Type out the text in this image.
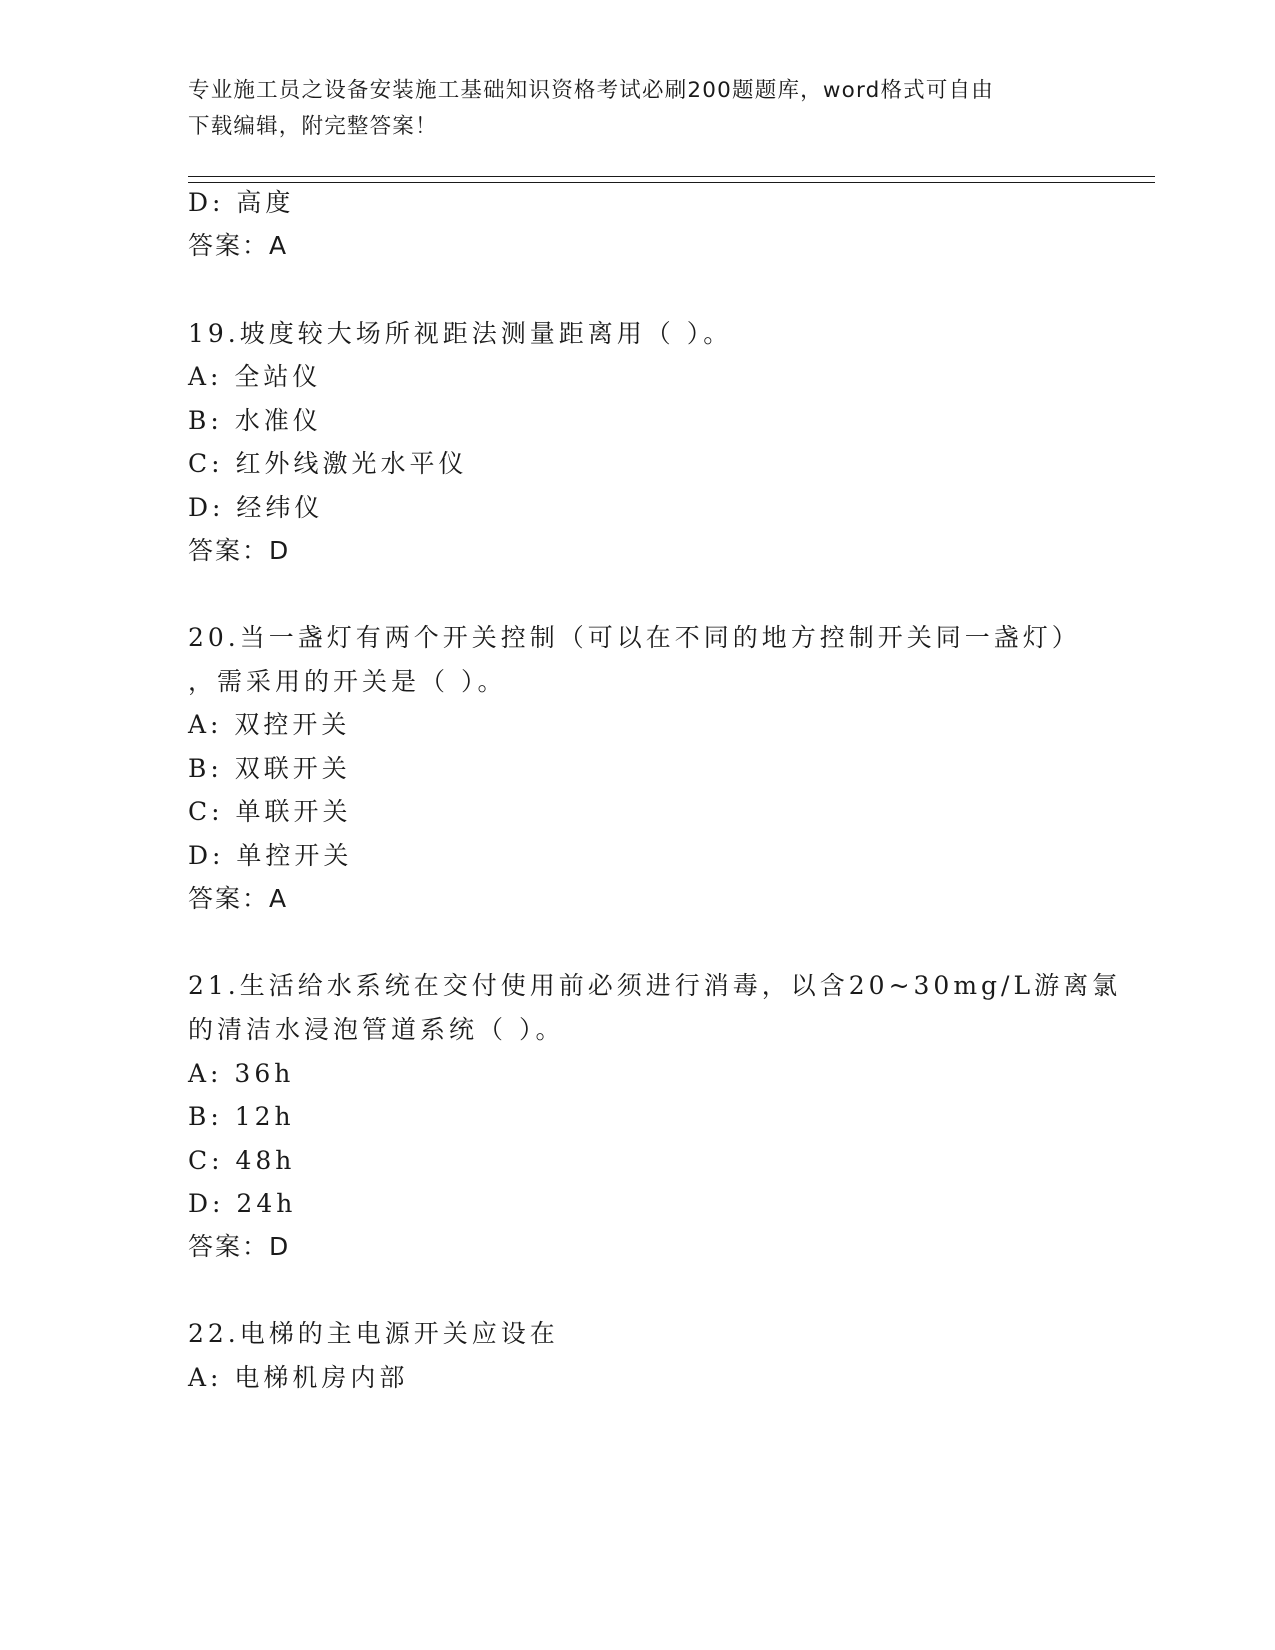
专业施工员之设备安装施工基础知识资格考试必刷200题题库，word格式可自由
下载编辑，附完整答案！
D: 高度
答案：A
19.坡度较大场所视距法测量距离用（ ）。
A: 全站仪
B: 水准仪
C: 红外线激光水平仪
D: 经纬仪
答案：D
20.当一盏灯有两个开关控制（可以在不同的地方控制开关同一盏灯）
，需采用的开关是（ ）。
A: 双控开关
B: 双联开关
C: 单联开关
D: 单控开关
答案：A
21.生活给水系统在交付使用前必须进行消毒，以含20~30mg/L游离氯
的清洁水浸泡管道系统（ ）。
A: 36h
B: 12h
C: 48h
D: 24h
答案：D
22.电梯的主电源开关应设在
A: 电梯机房内部
